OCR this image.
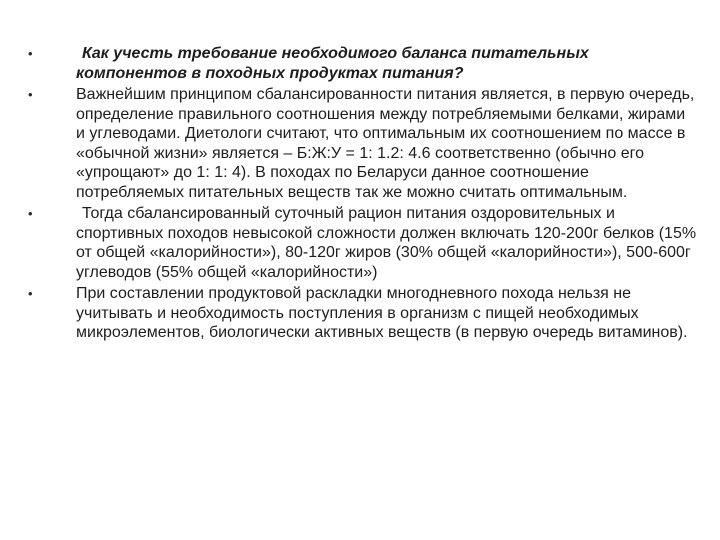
•	Как учесть требование необходимого баланса питательных компонентов в походных продуктах питания?
•	Важнейшим принципом сбалансированности питания является, в первую очередь, определение правильного соотношения между потребляемыми белками, жирами и углеводами. Диетологи считают, что оптимальным их соотношением по массе в «обычной жизни» является – Б:Ж:У = 1: 1.2: 4.6 соответственно (обычно его «упрощают» до 1: 1: 4). В походах по Беларуси данное соотношение потребляемых питательных веществ так же можно считать оптимальным.
•	Тогда сбалансированный суточный рацион питания оздоровительных и спортивных походов невысокой сложности должен включать 120-200г белков (15% от общей «калорийности»), 80-120г жиров (30% общей «калорийности»), 500-600г углеводов (55% общей «калорийности»)
•	При составлении продуктовой раскладки многодневного похода нельзя не учитывать и необходимость поступления в организм с пищей необходимых микроэлементов, биологически активных веществ (в первую очередь витаминов).
